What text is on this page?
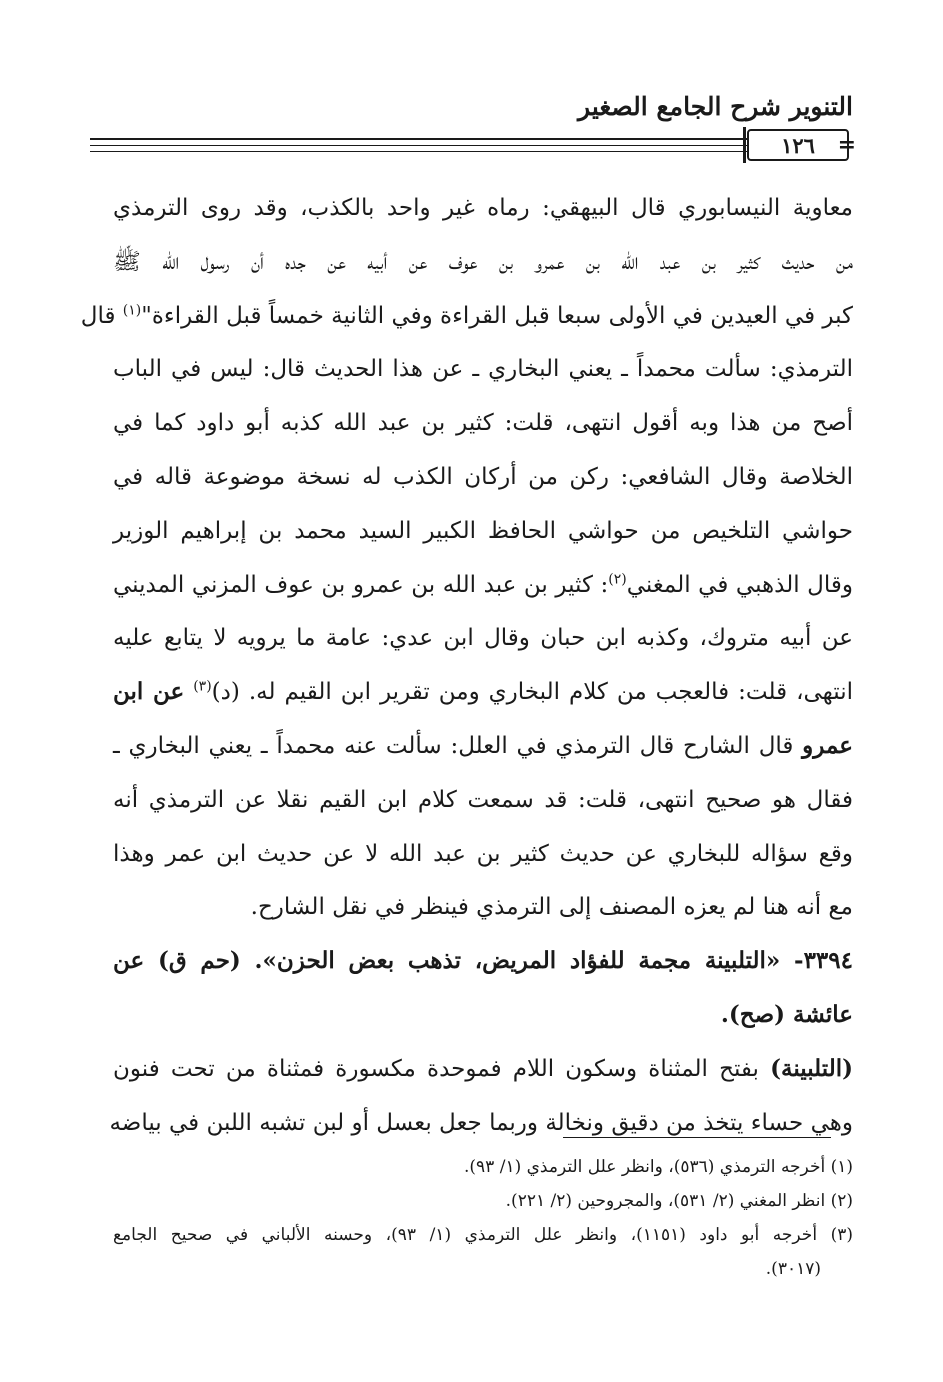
التنوير شرح الجامع الصغير
١٢٦	=
معاوية النيسابوري قال البيهقي: رماه غير واحد بالكذب، وقد روى الترمذي
من حديث كثير بن عبد الله بن عمرو بن عوف عن أبيه عن جده أن رسول الله ﷺ
كبر في العيدين في الأولى سبعا قبل القراءة وفي الثانية خمساً قبل القراءة"$^{(١)}$ قال
الترمذي: سألت محمداً ـ يعني البخاري ـ عن هذا الحديث قال: ليس في الباب
أصح من هذا وبه أقول انتهى، قلت: كثير بن عبد الله كذبه أبو داود كما في
الخلاصة وقال الشافعي: ركن من أركان الكذب له نسخة موضوعة قاله في
حواشي التلخيص من حواشي الحافظ الكبير السيد محمد بن إبراهيم الوزير
وقال الذهبي في المغني$^{(٢)}$: كثير بن عبد الله بن عمرو بن عوف المزني المديني
عن أبيه متروك، وكذبه ابن حبان وقال ابن عدي: عامة ما يرويه لا يتابع عليه
انتهى، قلت: فالعجب من كلام البخاري ومن تقرير ابن القيم له. (د)$^{(٣)}$ عن ابن
عمرو قال الشارح قال الترمذي في العلل: سألت عنه محمداً ـ يعني البخاري ـ
فقال هو صحيح انتهى، قلت: قد سمعت كلام ابن القيم نقلا عن الترمذي أنه
وقع سؤاله للبخاري عن حديث كثير بن عبد الله لا عن حديث ابن عمر وهذا
مع أنه هنا لم يعزه المصنف إلى الترمذي فينظر في نقل الشارح.
٣٣٩٤- «التلبينة مجمة للفؤاد المريض، تذهب بعض الحزن». (حم ق) عن
عائشة (صح).
(التلبينة) بفتح المثناة وسكون اللام فموحدة مكسورة فمثناة من تحت فنون
وهي حساء يتخذ من دقيق ونخالة وربما جعل بعسل أو لبن تشبه اللبن في بياضه
(١) أخرجه الترمذي (٥٣٦)، وانظر علل الترمذي (١/ ٩٣).
(٢) انظر المغني (٢/ ٥٣١)، والمجروحين (٢/ ٢٢١).
(٣) أخرجه أبو داود (١١٥١)، وانظر علل الترمذي (١/ ٩٣)، وحسنه الألباني في صحيح الجامع
(٣٠١٧).
